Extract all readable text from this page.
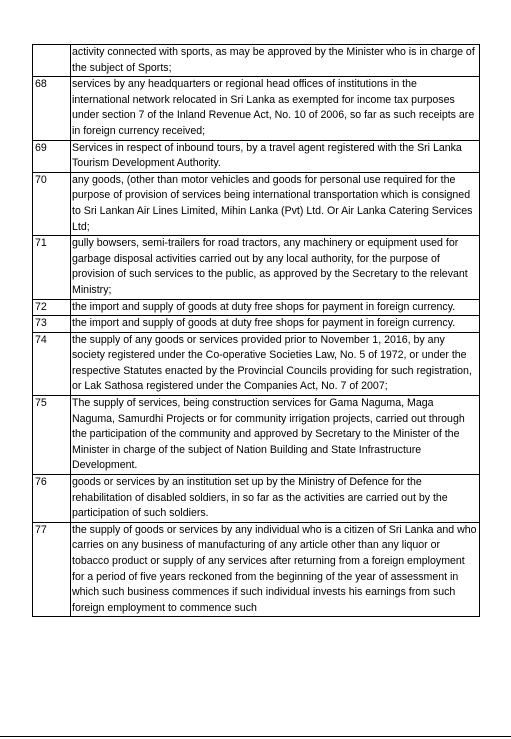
	activity connected with sports, as may be approved by the Minister who is in charge of the subject of Sports;
68	services by any headquarters or regional head offices of institutions in the international network relocated in Sri Lanka as exempted for income tax purposes under section 7 of the Inland Revenue Act, No. 10 of 2006, so far as such receipts are in foreign currency received;
69	Services in respect of inbound tours, by a travel agent registered with the Sri Lanka Tourism Development Authority.
70	any goods, (other than motor vehicles and goods for personal use required for the purpose of provision of services being international transportation which is consigned to Sri Lankan Air Lines Limited, Mihin Lanka (Pvt) Ltd. Or Air Lanka Catering Services Ltd;
71	gully bowsers, semi-trailers for road tractors, any machinery or equipment used for garbage disposal activities carried out by any local authority, for the purpose of provision of such services to the public, as approved by the Secretary to the relevant Ministry;
72	the import and supply of goods at duty free shops for payment in foreign currency.
73	the import and supply of goods at duty free shops for payment in foreign currency.
74	the supply of any goods or services provided prior to November 1, 2016, by any society registered under the Co-operative Societies Law, No. 5 of 1972, or under the respective Statutes enacted by the Provincial Councils providing for such registration, or Lak Sathosa registered under the Companies Act, No. 7 of 2007;
75	The supply of services, being construction services for Gama Naguma, Maga Naguma, Samurdhi Projects or for community irrigation projects, carried out through the participation of the community and approved by Secretary to the Minister of the Minister in charge of the subject of Nation Building and State Infrastructure Development.
76	goods or services by an institution set up by the Ministry of Defence for the rehabilitation of disabled soldiers, in so far as the activities are carried out by the participation of such soldiers.
77	the supply of goods or services by any individual who is a citizen of Sri Lanka and who carries on any business of manufacturing of any article other than any liquor or tobacco product or supply of any services after returning from a foreign employment for a period of five years reckoned from the beginning of the year of assessment in which such business commences if such individual invests his earnings from such foreign employment to commence such
